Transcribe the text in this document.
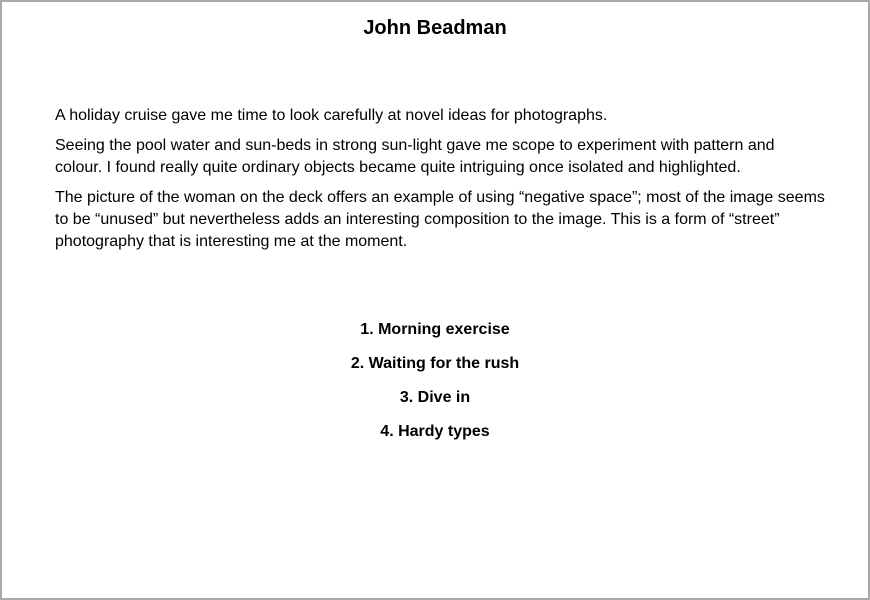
John Beadman

A holiday cruise gave me time to look carefully at novel ideas for photographs.

Seeing the pool water and sun-beds in strong sun-light gave me scope to experiment with pattern and colour. I found really quite ordinary objects became quite intriguing once isolated and highlighted.

The picture of the woman on the deck offers an example of using “negative space”; most of the image seems to be “unused” but nevertheless adds an interesting composition to the image. This is a form of “street” photography that is interesting me at the moment.

1. Morning exercise
2. Waiting for the rush
3. Dive in
4. Hardy types
